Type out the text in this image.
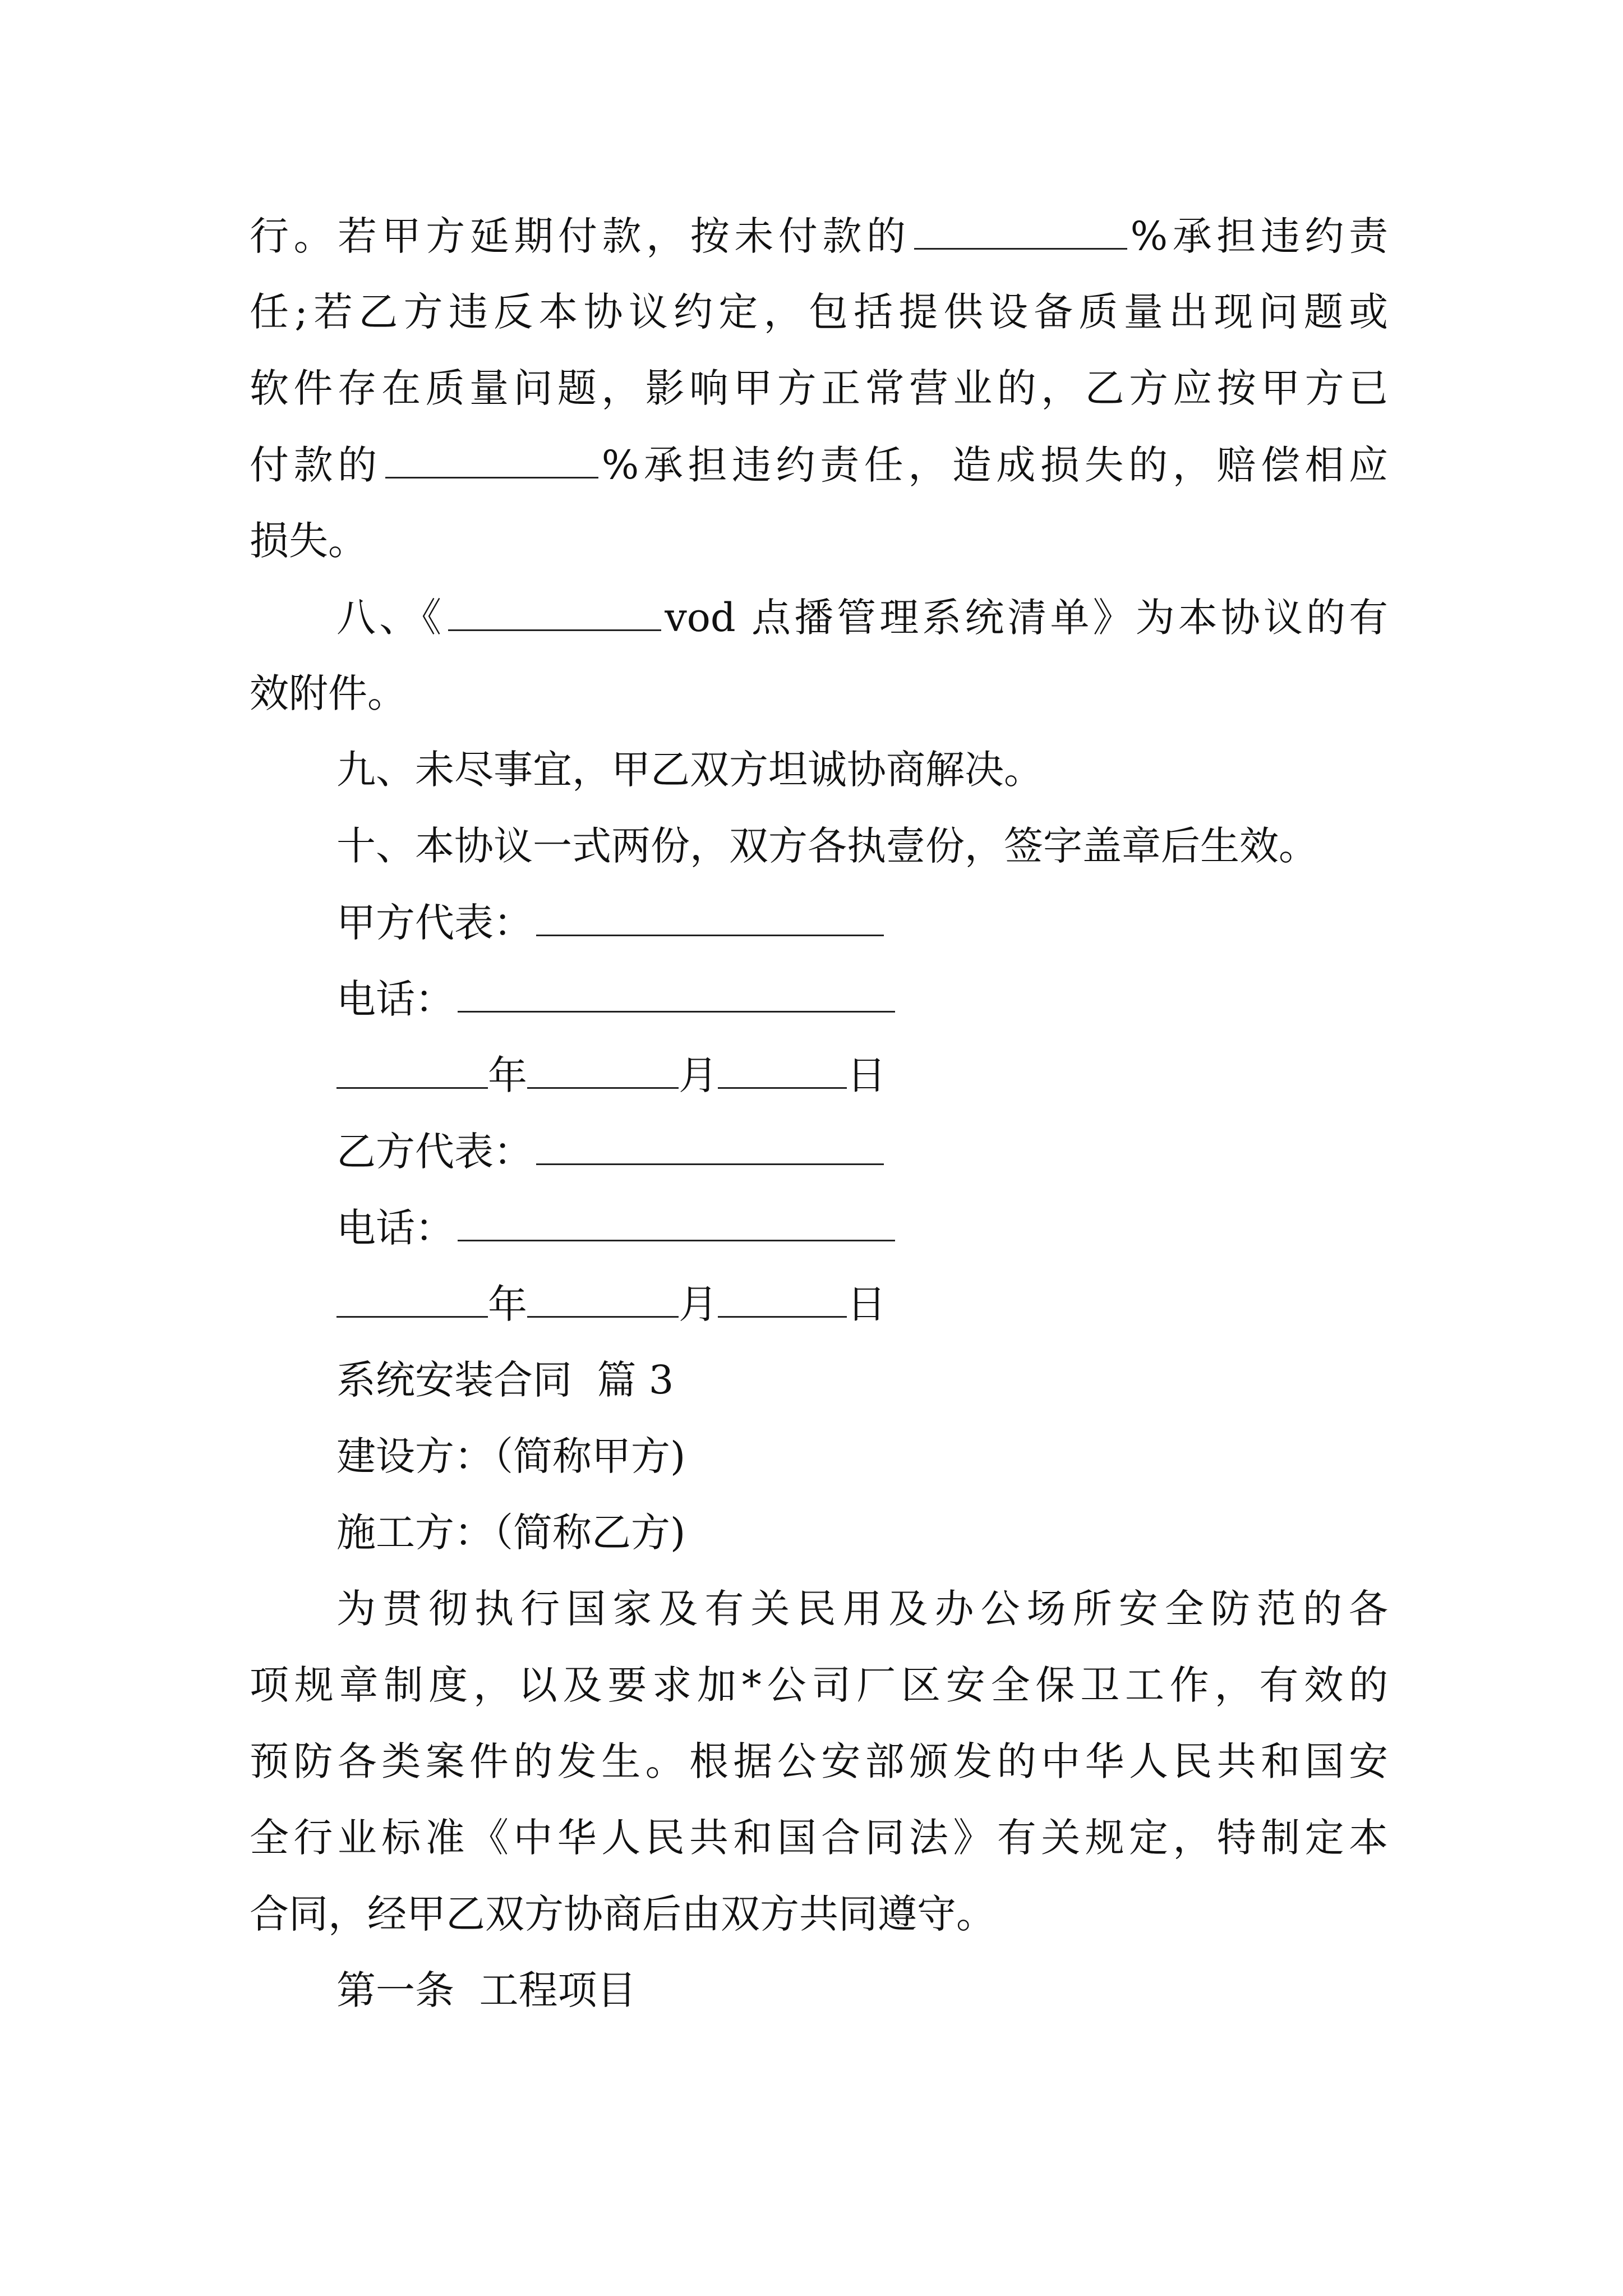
行。若甲方延期付款，按未付款的	%承担违约责
任;若乙方违反本协议约定，包括提供设备质量出现问题或
软件存在质量问题，影响甲方正常营业的，乙方应按甲方已
付款的	%承担违约责任，造成损失的，赔偿相应
损失。
八、《	vod 点播管理系统清单》为本协议的有
效附件。
九、未尽事宜，甲乙双方坦诚协商解决。
十、本协议一式两份，双方各执壹份，签字盖章后生效。
甲方代表：
电话：
年	月	日
乙方代表：
电话：
年	月	日
系统安装合同  篇 3
建设方：（简称甲方)
施工方：（简称乙方)
为贯彻执行国家及有关民用及办公场所安全防范的各
项规章制度，以及要求加*公司厂区安全保卫工作，有效的
预防各类案件的发生。根据公安部颁发的中华人民共和国安
全行业标准《中华人民共和国合同法》有关规定，特制定本
合同，经甲乙双方协商后由双方共同遵守。
第一条  工程项目
